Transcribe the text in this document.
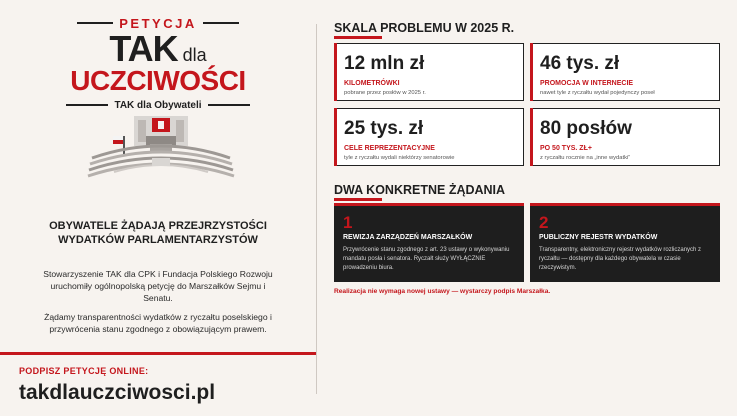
PETYCJA
TAK dla
UCZCIWOŚCI
TAK dla Obywateli
OBYWATELE ŻĄDAJĄ PRZEJRZYSTOŚCI WYDATKÓW PARLAMENTARZYSTÓW
Stowarzyszenie TAK dla CPK i Fundacja Polskiego Rozwoju uruchomiły ogólnopolską petycję do Marszałków Sejmu i Senatu.
Żądamy transparentności wydatków z ryczałtu poselskiego i przywrócenia stanu zgodnego z obowiązującym prawem.
PODPISZ PETYCJĘ ONLINE:
takdlauczciwosci.pl
SKALA PROBLEMU W 2025 R.
12 mln zł
KILOMETRÓWKI
pobrane przez posłów w 2025 r.
46 tys. zł
PROMOCJA W INTERNECIE
nawet tyle z ryczałtu wydał pojedynczy poseł
25 tys. zł
CELE REPREZENTACYJNE
tyle z ryczałtu wydali niektórzy senatorowie
80 posłów
PO 50 TYS. ZŁ+
z ryczałtu rocznie na „inne wydatki”
DWA KONKRETNE ŻĄDANIA
1
REWIZJA ZARZĄDZEŃ MARSZAŁKÓW
Przywrócenie stanu zgodnego z art. 23 ustawy o wykonywaniu mandatu posła i senatora. Ryczałt służy WYŁĄCZNIE prowadzeniu biura.
2
PUBLICZNY REJESTR WYDATKÓW
Transparentny, elektroniczny rejestr wydatków rozliczanych z ryczałtu — dostępny dla każdego obywatela w czasie rzeczywistym.
Realizacja nie wymaga nowej ustawy — wystarczy podpis Marszałka.
